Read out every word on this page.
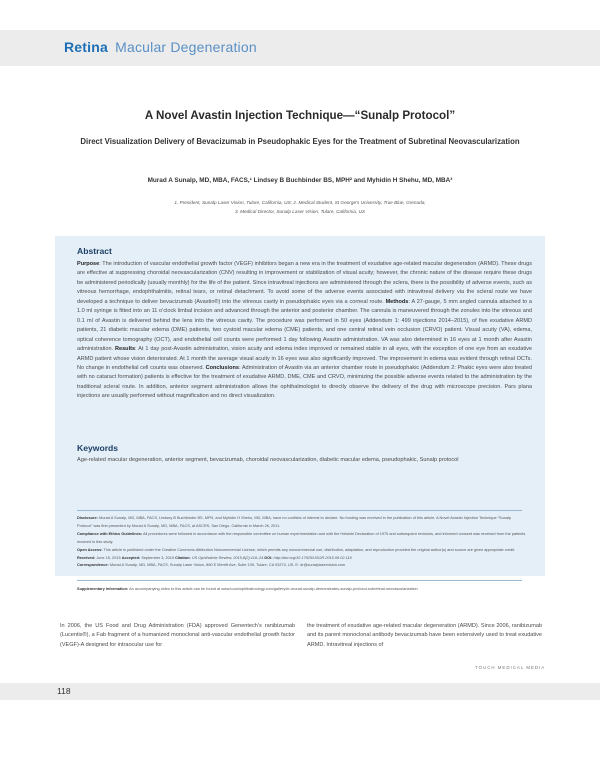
Retina Macular Degeneration
A Novel Avastin Injection Technique—“Sunalp Protocol”
Direct Visualization Delivery of Bevacizumab in Pseudophakic Eyes for the Treatment of Subretinal Neovascularization
Murad A Sunalp, MD, MBA, FACS,¹ Lindsey B Buchbinder BS, MPH² and Myhidin H Shehu, MD, MBA³
1. President, Sunalp Laser Vision, Tulare, California, US; 2. Medical Student, St George’s University, True Blue, Grenada;
3. Medical Director, Sunalp Laser Vision, Tulare, California, US
Abstract
Purpose: The introduction of vascular endothelial growth factor (VEGF) inhibitors began a new era in the treatment of exudative age-related macular degeneration (ARMD). These drugs are effective at suppressing choroidal neovascularization (CNV) resulting in improvement or stabilization of visual acuity; however, the chronic nature of the disease require these drugs be administered periodically (usually monthly) for the life of the patient. Since intravitreal injections are administered through the sclera, there is the possibility of adverse events, such as vitreous hemorrhage, endophthalmitis, retinal tears, or retinal detachment. To avoid some of the adverse events associated with intravitreal delivery via the scleral route we have developed a technique to deliver bevacizumab (Avastin®) into the vitreous cavity in pseudophakic eyes via a corneal route. Methods: A 27-gauge, 5 mm angled cannula attached to a 1.0 ml syringe is fitted into an 11 o’clock limbal incision and advanced through the anterior and posterior chamber. The cannula is maneuvered through the zonules into the vitreous and 0.1 ml of Avastin is delivered behind the lens into the vitreous cavity. The procedure was performed in 50 eyes (Addendum 1: 499 injections 2014–2015), of five exudative ARMD patients, 21 diabetic macular edema (DME) patients, two cystoid macular edema (CME) patients, and one central retinal vein occlusion (CRVO) patient. Visual acuity (VA), edema, optical coherence tomography (OCT), and endothelial cell counts were performed 1 day following Avastin administration. VA was also determined in 16 eyes at 1 month after Avastin administration. Results: At 1 day post-Avastin administration, vision acuity and edema index improved or remained stable in all eyes, with the exception of one eye from an exudative ARMD patient whose vision deteriorated. At 1 month the average visual acuity in 16 eyes was also significantly improved. The improvement in edema was evident through retinal OCTs. No change in endothelial cell counts was observed. Conclusions: Administration of Avastin via an anterior chamber route in pseudophakic (Addendum 2: Phakic eyes were also treated with no cataract formation) patients is effective for the treatment of exudative ARMD, DME, CME and CRVO, minimizing the possible adverse events related to the administration by the traditional scleral route. In addition, anterior segment administration allows the ophthalmologist to directly observe the delivery of the drug with microscope precision. Pars plana injections are usually performed without magnification and no direct visualization.
Keywords
Age-related macular degeneration, anterior segment, bevacizumab, choroidal neovascularization, diabetic macular edema, pseudophakic, Sunalp protocol
Disclosure: Murad A Sunalp, MD, MBA, FACS, Lindsey B Buchbinder BS, MPH, and Myhidin H Shehu, MD, MBA, have no conflicts of interest to declare. No funding was received in the publication of this article. A Novel Avastin Injection Technique “Sunalp Protocol” was first presented by Murad A Sunalp, MD, MBA, FACS, at ASCRS, San Diego, California in March 26, 2011.
Compliance with Ethics Guidelines: All procedures were followed in accordance with the responsible committee on human experimentation and with the Helsinki Declaration of 1975 and subsequent revisions, and informed consent was received from the patients involved in this study.
Open Access: This article is published under the Creative Commons Attribution Noncommercial License, which permits any noncommercial use, distribution, adaptation, and reproduction provided the original author(s) and source are given appropriate credit.
Received: June 15, 2015 Accepted: September 3, 2015 Citation: US Ophthalmic Review, 2015;8(2):118–24 DOI: http://doi.org/10.17925/USOR.2015.08.02.118
Correspondence: Murad A Sunalp, MD, MBA, FACS, Sunalp Laser Vision, 880 E Merritt Ave, Suite 109, Tulare, CA 93274, US. E: dr@sunalplaservision.com
Supplementary Information: An accompanying video to this article can be found at www.touchophthalmology.com/gallery/dr-murad-sunalp-demonstrates-sunalp-protocol-subretinal-neovascularization
In 2006, the US Food and Drug Administration (FDA) approved Genentech’s ranibizumab (Lucentis®), a Fab fragment of a humanized monoclonal anti-vascular endothelial growth factor (VEGF)-A designed for intraocular use for
the treatment of exudative age-related macular degeneration (ARMD). Since 2006, ranibizumab and its parent monoclonal antibody bevacizumab have been extensively used to treat exudative ARMD. Intravitreal injections of
TOUCH MEDICAL MEDIA
118
